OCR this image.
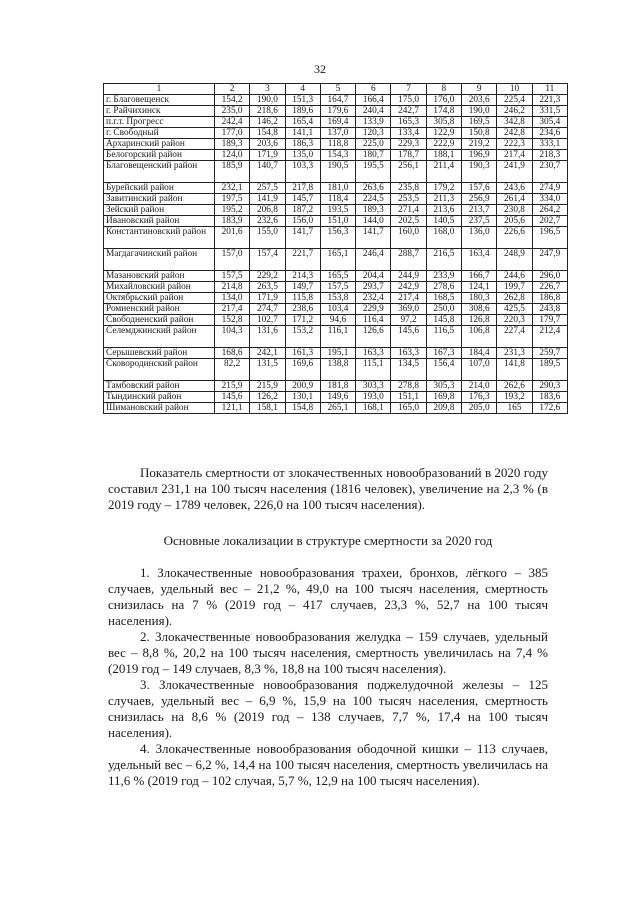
32
1	2	3	4	5	6	7	8	9	10	11
г. Благовещенск	154,2	190,0	151,3	164,7	166,4	175,0	176,0	203,6	225,4	221,3
г. Райчихинск	235,0	218,6	189,6	179,6	240,4	242,7	174,8	190,0	246,2	331,5
п.г.т. Прогресс	242,4	146,2	165,4	169,4	133,9	165,3	305,8	169,5	342,8	305,4
г. Свободный	177,0	154,8	141,1	137,0	120,3	133,4	122,9	150,8	242,8	234,6
Архаринский район	189,3	203,6	186,3	118,8	225,0	229,3	222,9	219,2	222,3	333,1
Белогорский район	124,0	171,9	135,0	154,3	180,7	178,7	188,1	196,9	217,4	218,3
Благовещенский район	185,9	140,7	103,3	190,5	195,5	256,1	211,4	190,3	241,9	230,7
Бурейский район	232,1	257,5	217,8	181,0	263,6	235,8	179,2	157,6	243,6	274,9
Завитинский район	197,5	141,9	145,7	118,4	224,5	253,5	211,3	256,9	261,4	334,0
Зейский район	195,2	206,8	187,2	193,5	189,3	271,4	213,6	213,7	230,8	264,2
Ивановский район	183,9	232,6	156,0	151,0	144,0	202,5	140,5	237,5	205,6	202,7
Константиновский район	201,6	155,0	141,7	156,3	141,7	160,0	168,0	136,0	226,6	196,5
Магдагачинский район	157,0	157,4	221,7	165,1	246,4	288,7	216,5	163,4	248,9	247,9
Мазановский район	157,5	229,2	214,3	165,5	204,4	244,9	233,9	166,7	244,6	296,0
Михайловский район	214,8	263,5	149,7	157,5	293,7	242,9	278,6	124,1	199,7	226,7
Октябрьский район	134,0	171,9	115,8	153,8	232,4	217,4	168,5	180,3	262,8	186,8
Ромненский район	217,4	274,7	238,6	103,4	229,9	369,0	250,0	308,6	425,5	243,8
Свободненский район	152,8	102,7	171,2	94,6	116,4	97,2	145,8	126,8	220,3	179,7
Селемджинский район	104,3	131,6	153,2	116,1	126,6	145,6	116,5	106,8	227,4	212,4
Серышевский район	168,6	242,1	161,3	195,1	163,3	163,3	167,3	184,4	231,3	259,7
Сковородинский район	82,2	131,5	169,6	138,8	115,1	134,5	156,4	107,0	141,8	189,5
Тамбовский район	215,9	215,9	200,9	181,8	303,3	278,8	305,3	214,0	262,6	290,3
Тындинский район	145,6	126,2	130,1	149,6	193,0	151,1	169,8	176,3	193,2	183,6
Шимановский район	121,1	158,1	154,8	265,1	168,1	165,0	209,8	205,0	165	172,6

Показатель смертности от злокачественных новообразований в 2020 году составил 231,1 на 100 тысяч населения (1816 человек), увеличение на 2,3 % (в 2019 году – 1789 человек, 226,0 на 100 тысяч населения).

Основные локализации в структуре смертности за 2020 год

1. Злокачественные новообразования трахеи, бронхов, лёгкого – 385 случаев, удельный вес – 21,2 %, 49,0 на 100 тысяч населения, смертность снизилась на 7 % (2019 год – 417 случаев, 23,3 %, 52,7 на 100 тысяч населения).

2. Злокачественные новообразования желудка – 159 случаев, удельный вес – 8,8 %, 20,2 на 100 тысяч населения, смертность увеличилась на 7,4 % (2019 год – 149 случаев, 8,3 %, 18,8 на 100 тысяч населения).

3. Злокачественные новообразования поджелудочной железы – 125 случаев, удельный вес – 6,9 %, 15,9 на 100 тысяч населения, смертность снизилась на 8,6 % (2019 год – 138 случаев, 7,7 %, 17,4 на 100 тысяч населения).

4. Злокачественные новообразования ободочной кишки – 113 случаев, удельный вес – 6,2 %, 14,4 на 100 тысяч населения, смертность увеличилась на 11,6 % (2019 год – 102 случая, 5,7 %, 12,9 на 100 тысяч населения).
